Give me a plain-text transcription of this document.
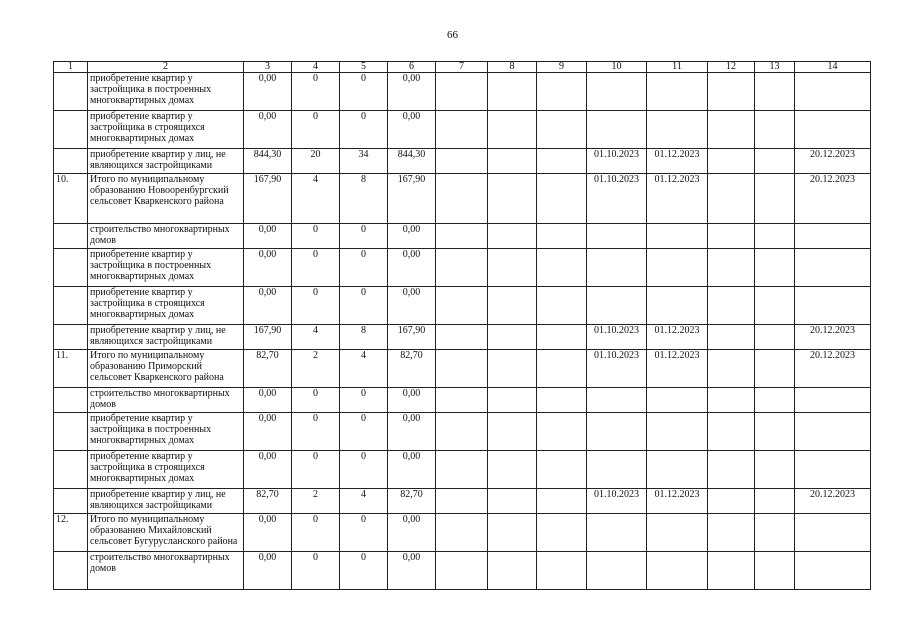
66
1	2	3	4	5	6	7	8	9	10	11	12	13	14
	приобретение квартир у застройщика в построенных многоквартирных домах	0,00	0	0	0,00								
	приобретение квартир у застройщика в строящихся многоквартирных домах	0,00	0	0	0,00								
	приобретение квартир у лиц, не являющихся застройщиками	844,30	20	34	844,30				01.10.2023	01.12.2023			20.12.2023
10.	Итого по муниципальному образованию Новооренбургский сельсовет Кваркенского района	167,90	4	8	167,90				01.10.2023	01.12.2023			20.12.2023
	строительство многоквартирных домов	0,00	0	0	0,00								
	приобретение квартир у застройщика в построенных многоквартирных домах	0,00	0	0	0,00								
	приобретение квартир у застройщика в строящихся многоквартирных домах	0,00	0	0	0,00								
	приобретение квартир у лиц, не являющихся застройщиками	167,90	4	8	167,90				01.10.2023	01.12.2023			20.12.2023
11.	Итого по муниципальному образованию Приморский сельсовет Кваркенского района	82,70	2	4	82,70				01.10.2023	01.12.2023			20.12.2023
	строительство многоквартирных домов	0,00	0	0	0,00								
	приобретение квартир у застройщика в построенных многоквартирных домах	0,00	0	0	0,00								
	приобретение квартир у застройщика в строящихся многоквартирных домах	0,00	0	0	0,00								
	приобретение квартир у лиц, не являющихся застройщиками	82,70	2	4	82,70				01.10.2023	01.12.2023			20.12.2023
12.	Итого по муниципальному образованию Михайловский сельсовет Бугурусланского района	0,00	0	0	0,00								
	строительство многоквартирных домов	0,00	0	0	0,00								
